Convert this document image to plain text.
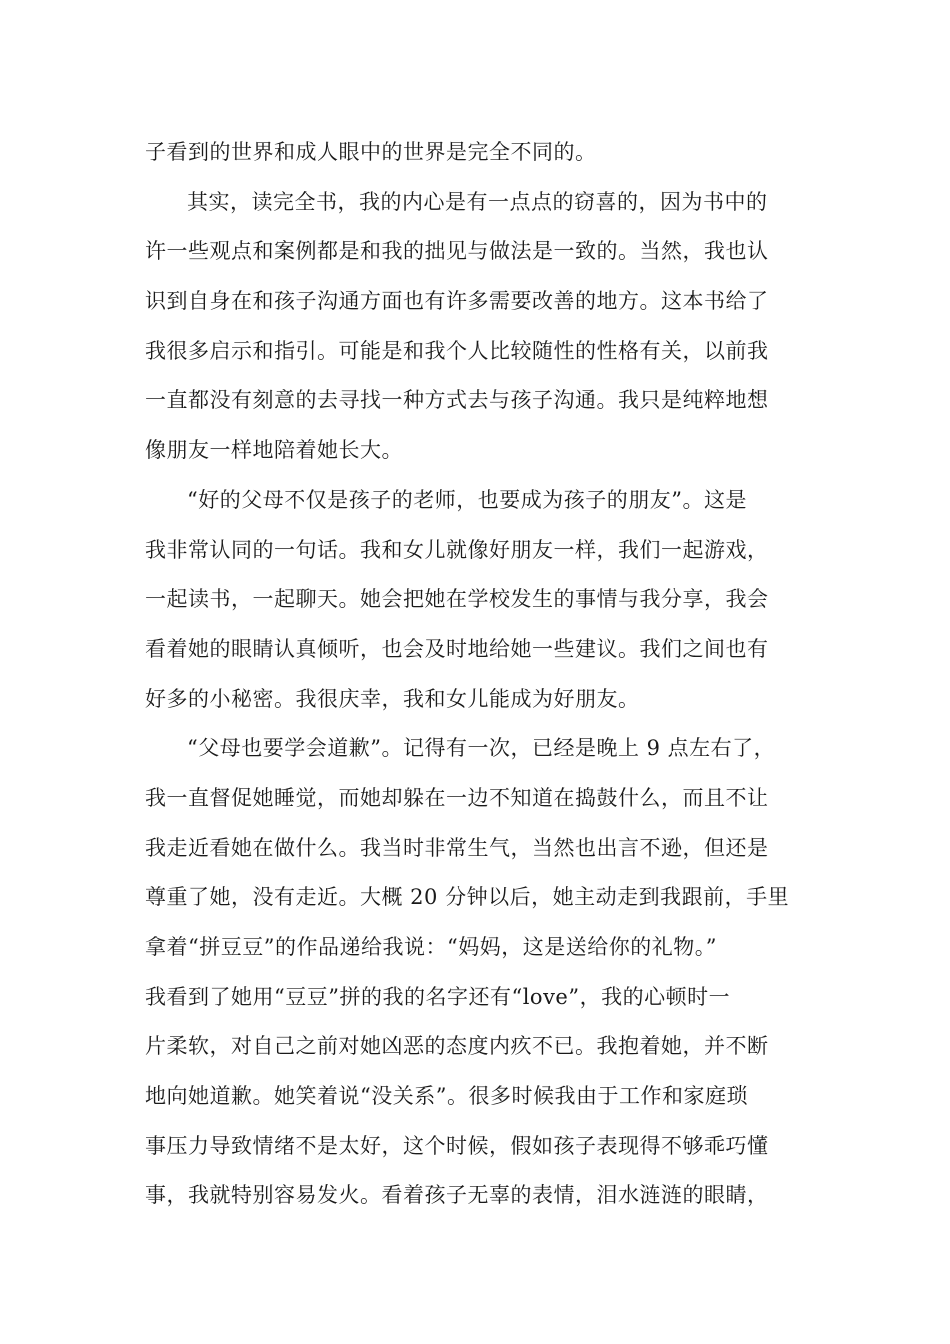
子看到的世界和成人眼中的世界是完全不同的。
其实，读完全书，我的内心是有一点点的窃喜的，因为书中的
许一些观点和案例都是和我的拙见与做法是一致的。当然，我也认
识到自身在和孩子沟通方面也有许多需要改善的地方。这本书给了
我很多启示和指引。可能是和我个人比较随性的性格有关，以前我
一直都没有刻意的去寻找一种方式去与孩子沟通。我只是纯粹地想
像朋友一样地陪着她长大。
“好的父母不仅是孩子的老师，也要成为孩子的朋友”。这是
我非常认同的一句话。我和女儿就像好朋友一样，我们一起游戏，
一起读书，一起聊天。她会把她在学校发生的事情与我分享，我会
看着她的眼睛认真倾听，也会及时地给她一些建议。我们之间也有
好多的小秘密。我很庆幸，我和女儿能成为好朋友。
“父母也要学会道歉”。记得有一次，已经是晚上 9 点左右了，
我一直督促她睡觉，而她却躲在一边不知道在捣鼓什么，而且不让
我走近看她在做什么。我当时非常生气，当然也出言不逊，但还是
尊重了她，没有走近。大概 20 分钟以后，她主动走到我跟前，手里
拿着“拼豆豆”的作品递给我说：“妈妈，这是送给你的礼物。”
我看到了她用“豆豆”拼的我的名字还有“love”，我的心顿时一
片柔软，对自己之前对她凶恶的态度内疚不已。我抱着她，并不断
地向她道歉。她笑着说“没关系”。很多时候我由于工作和家庭琐
事压力导致情绪不是太好，这个时候，假如孩子表现得不够乖巧懂
事，我就特别容易发火。看着孩子无辜的表情，泪水涟涟的眼睛，
